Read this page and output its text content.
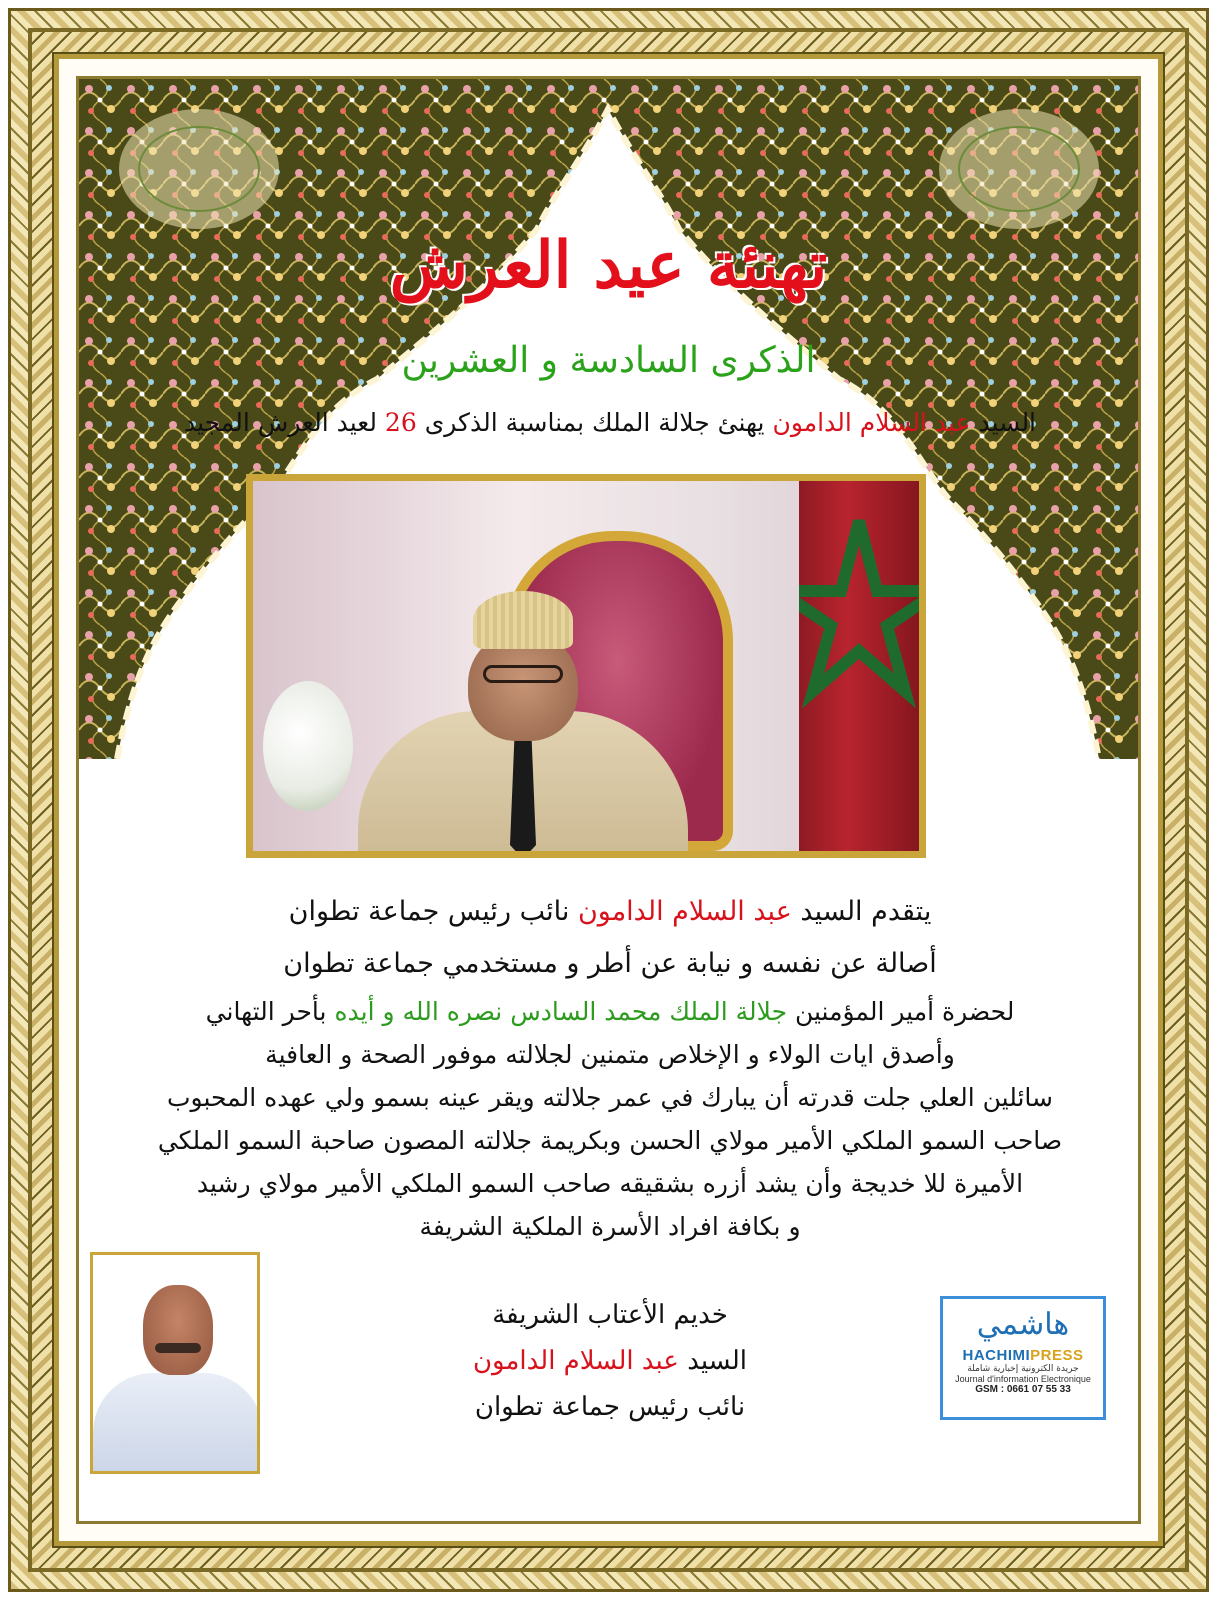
تهنئة عيد العرش
الذكرى السادسة و العشرين
السيد عبد السلام الدامون يهنئ جلالة الملك بمناسبة الذكرى 26 لعيد العرش المجيد
يتقدم السيد عبد السلام الدامون نائب رئيس جماعة تطوان
أصالة عن نفسه و نيابة عن أطر و مستخدمي جماعة تطوان
لحضرة أمير المؤمنين جلالة الملك محمد السادس نصره الله و أيده بأحر التهاني
وأصدق ايات الولاء و الإخلاص متمنين لجلالته موفور الصحة و العافية
سائلين العلي جلت قدرته أن يبارك في عمر جلالته ويقر عينه بسمو ولي عهده المحبوب
صاحب السمو الملكي الأمير مولاي الحسن وبكريمة جلالته المصون صاحبة السمو الملكي
الأميرة للا خديجة وأن يشد أزره بشقيقه صاحب السمو الملكي الأمير مولاي رشيد
و بكافة افراد الأسرة الملكية الشريفة
خديم الأعتاب الشريفة
السيد عبد السلام الدامون
نائب رئيس جماعة تطوان
هاشمي
HACHIMIPRESS
جريدة الكترونية إخبارية شاملة
Journal d'information Electronique
GSM : 0661 07 55 33
